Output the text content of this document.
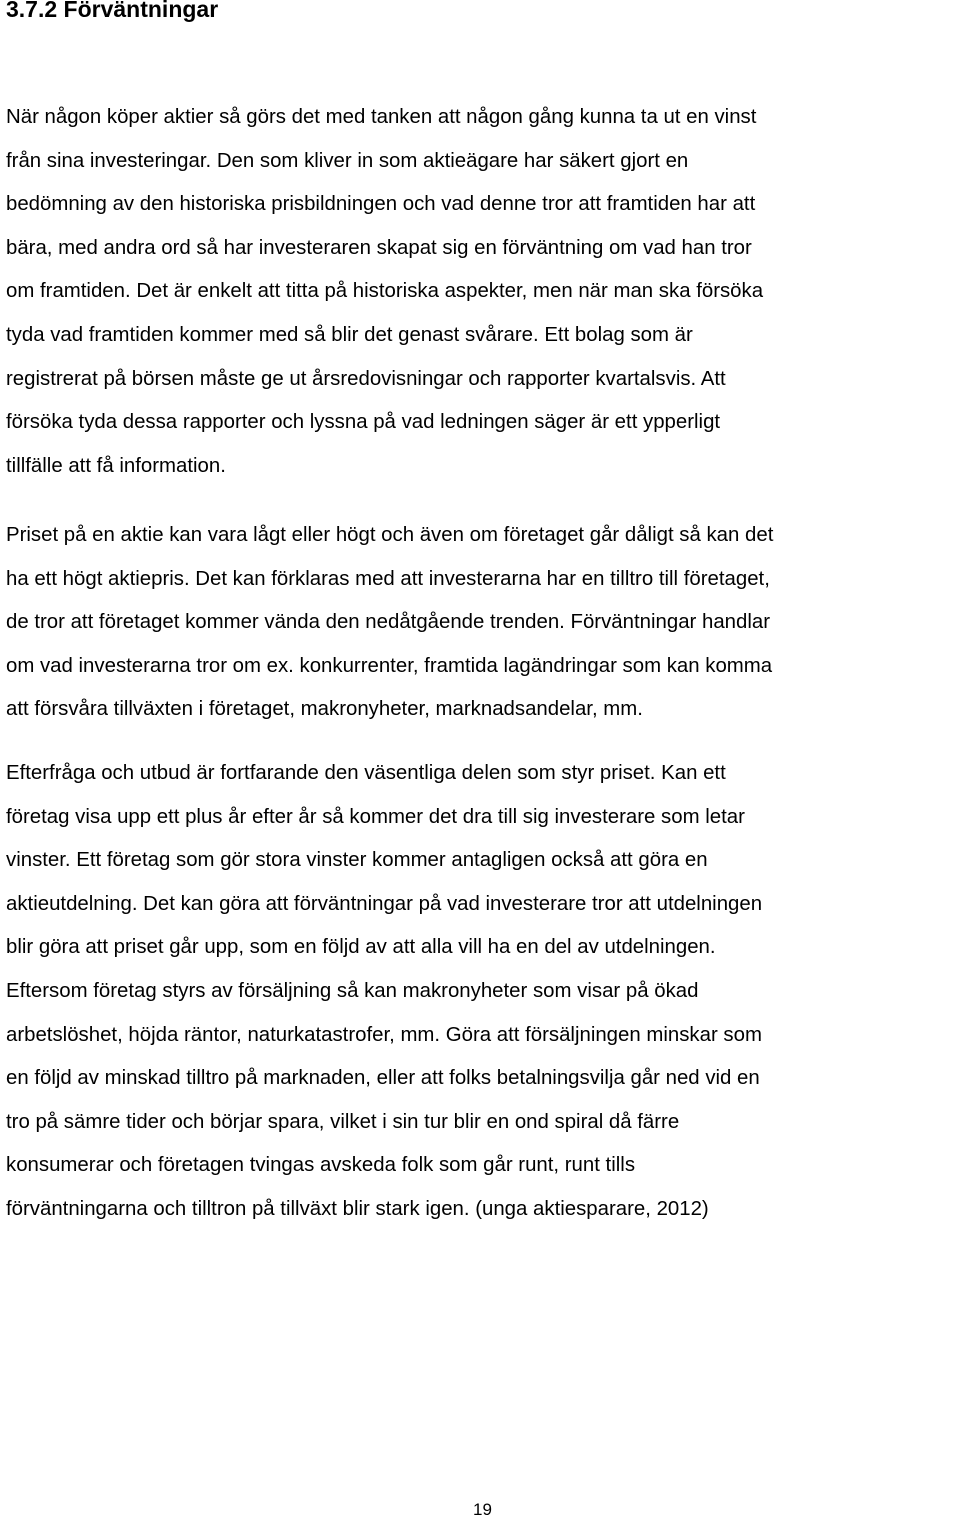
3.7.2 Förväntningar
När någon köper aktier så görs det med tanken att någon gång kunna ta ut en vinst
från sina investeringar. Den som kliver in som aktieägare har säkert gjort en
bedömning av den historiska prisbildningen och vad denne tror att framtiden har att
bära, med andra ord så har investeraren skapat sig en förväntning om vad han tror
om framtiden. Det är enkelt att titta på historiska aspekter, men när man ska försöka
tyda vad framtiden kommer med så blir det genast svårare. Ett bolag som är
registrerat på börsen måste ge ut årsredovisningar och rapporter kvartalsvis. Att
försöka tyda dessa rapporter och lyssna på vad ledningen säger är ett ypperligt
tillfälle att få information.
Priset på en aktie kan vara lågt eller högt och även om företaget går dåligt så kan det
ha ett högt aktiepris. Det kan förklaras med att investerarna har en tilltro till företaget,
de tror att företaget kommer vända den nedåtgående trenden. Förväntningar handlar
om vad investerarna tror om ex. konkurrenter, framtida lagändringar som kan komma
att försvåra tillväxten i företaget, makronyheter, marknadsandelar, mm.
Efterfråga och utbud är fortfarande den väsentliga delen som styr priset. Kan ett
företag visa upp ett plus år efter år så kommer det dra till sig investerare som letar
vinster. Ett företag som gör stora vinster kommer antagligen också att göra en
aktieutdelning. Det kan göra att förväntningar på vad investerare tror att utdelningen
blir göra att priset går upp, som en följd av att alla vill ha en del av utdelningen.
Eftersom företag styrs av försäljning så kan makronyheter som visar på ökad
arbetslöshet, höjda räntor, naturkatastrofer, mm. Göra att försäljningen minskar som
en följd av minskad tilltro på marknaden, eller att folks betalningsvilja går ned vid en
tro på sämre tider och börjar spara, vilket i sin tur blir en ond spiral då färre
konsumerar och företagen tvingas avskeda folk som går runt, runt tills
förväntningarna och tilltron på tillväxt blir stark igen. (unga aktiesparare, 2012)
19
